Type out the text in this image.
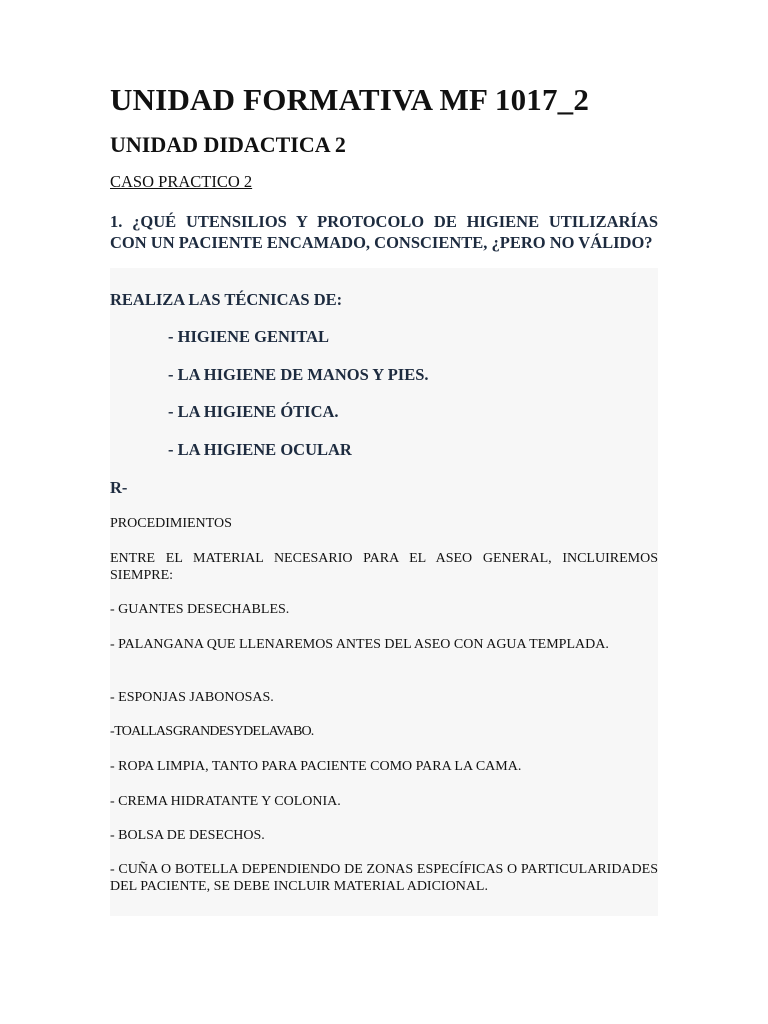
UNIDAD FORMATIVA MF 1017_2
UNIDAD DIDACTICA 2

CASO PRACTICO 2

1. ¿QUÉ UTENSILIOS Y PROTOCOLO DE HIGIENE UTILIZARÍAS CON UN PACIENTE ENCAMADO, CONSCIENTE, ¿PERO NO VÁLIDO?

REALIZA LAS TÉCNICAS DE:

- HIGIENE GENITAL

- LA HIGIENE DE MANOS Y PIES.

- LA HIGIENE ÓTICA.

- LA HIGIENE OCULAR

R-

PROCEDIMIENTOS

ENTRE EL MATERIAL NECESARIO PARA EL ASEO GENERAL, INCLUIREMOS SIEMPRE:

- GUANTES DESECHABLES.

- PALANGANA QUE LLENAREMOS ANTES DEL ASEO CON AGUA TEMPLADA.

- ESPONJAS JABONOSAS.

- TOALLAS GRANDES Y DE LAVABO.

- ROPA LIMPIA, TANTO PARA PACIENTE COMO PARA LA CAMA.

- CREMA HIDRATANTE Y COLONIA.

- BOLSA DE DESECHOS.

- CUÑA O BOTELLA DEPENDIENDO DE ZONAS ESPECÍFICAS O PARTICULARIDADES DEL PACIENTE, SE DEBE INCLUIR MATERIAL ADICIONAL.
